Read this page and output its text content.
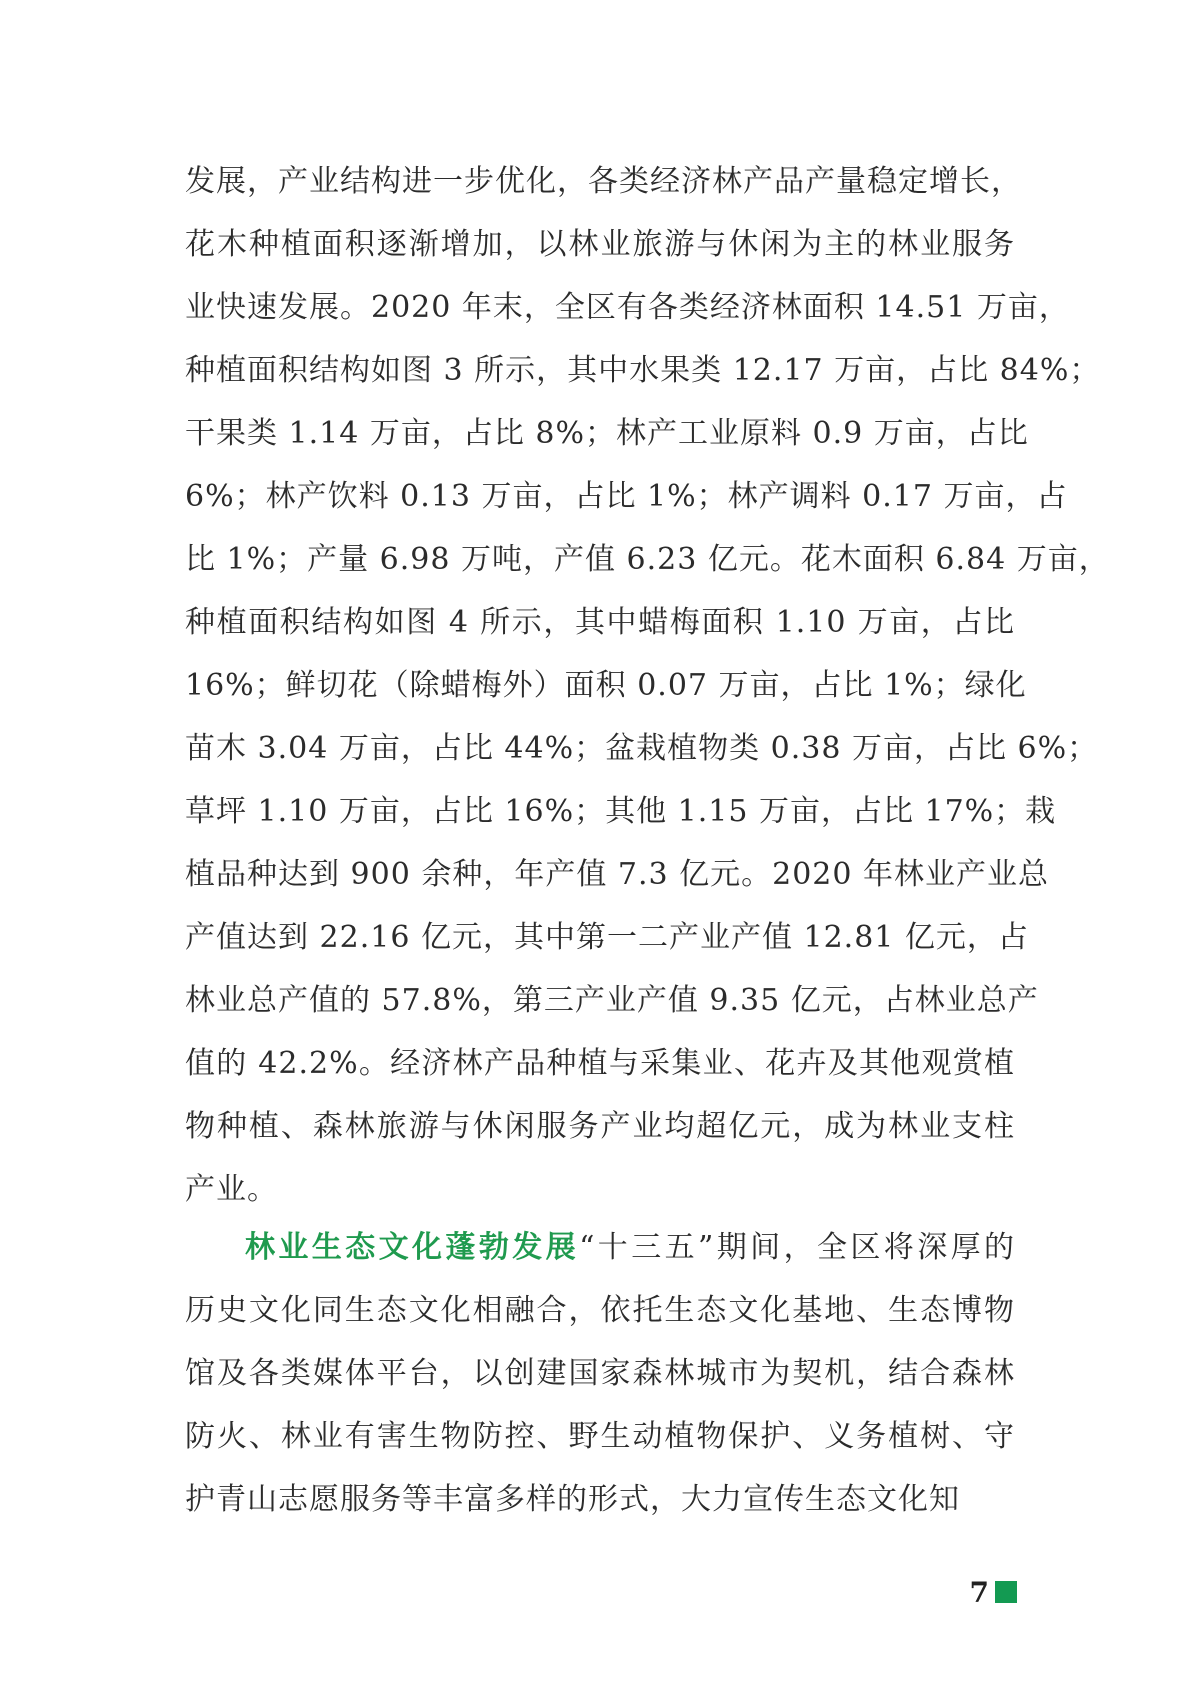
发展，产业结构进一步优化，各类经济林产品产量稳定增长，
花木种植面积逐渐增加，以林业旅游与休闲为主的林业服务
业快速发展。2020 年末，全区有各类经济林面积 14.51 万亩，
种植面积结构如图 3 所示，其中水果类 12.17 万亩，占比 84%；
干果类 1.14 万亩，占比 8%；林产工业原料 0.9 万亩，占比
6%；林产饮料 0.13 万亩，占比 1%；林产调料 0.17 万亩，占
比 1%；产量 6.98 万吨，产值 6.23 亿元。花木面积 6.84 万亩，
种植面积结构如图 4 所示，其中蜡梅面积 1.10 万亩，占比
16%；鲜切花（除蜡梅外）面积 0.07 万亩，占比 1%；绿化
苗木 3.04 万亩，占比 44%；盆栽植物类 0.38 万亩，占比 6%；
草坪 1.10 万亩，占比 16%；其他 1.15 万亩，占比 17%；栽
植品种达到 900 余种，年产值 7.3 亿元。2020 年林业产业总
产值达到 22.16 亿元，其中第一二产业产值 12.81 亿元，占
林业总产值的 57.8%，第三产业产值 9.35 亿元，占林业总产
值的 42.2%。经济林产品种植与采集业、花卉及其他观赏植
物种植、森林旅游与休闲服务产业均超亿元，成为林业支柱
产业。
林业生态文化蓬勃发展“十三五”期间，全区将深厚的
历史文化同生态文化相融合，依托生态文化基地、生态博物
馆及各类媒体平台，以创建国家森林城市为契机，结合森林
防火、林业有害生物防控、野生动植物保护、义务植树、守
护青山志愿服务等丰富多样的形式，大力宣传生态文化知
7
